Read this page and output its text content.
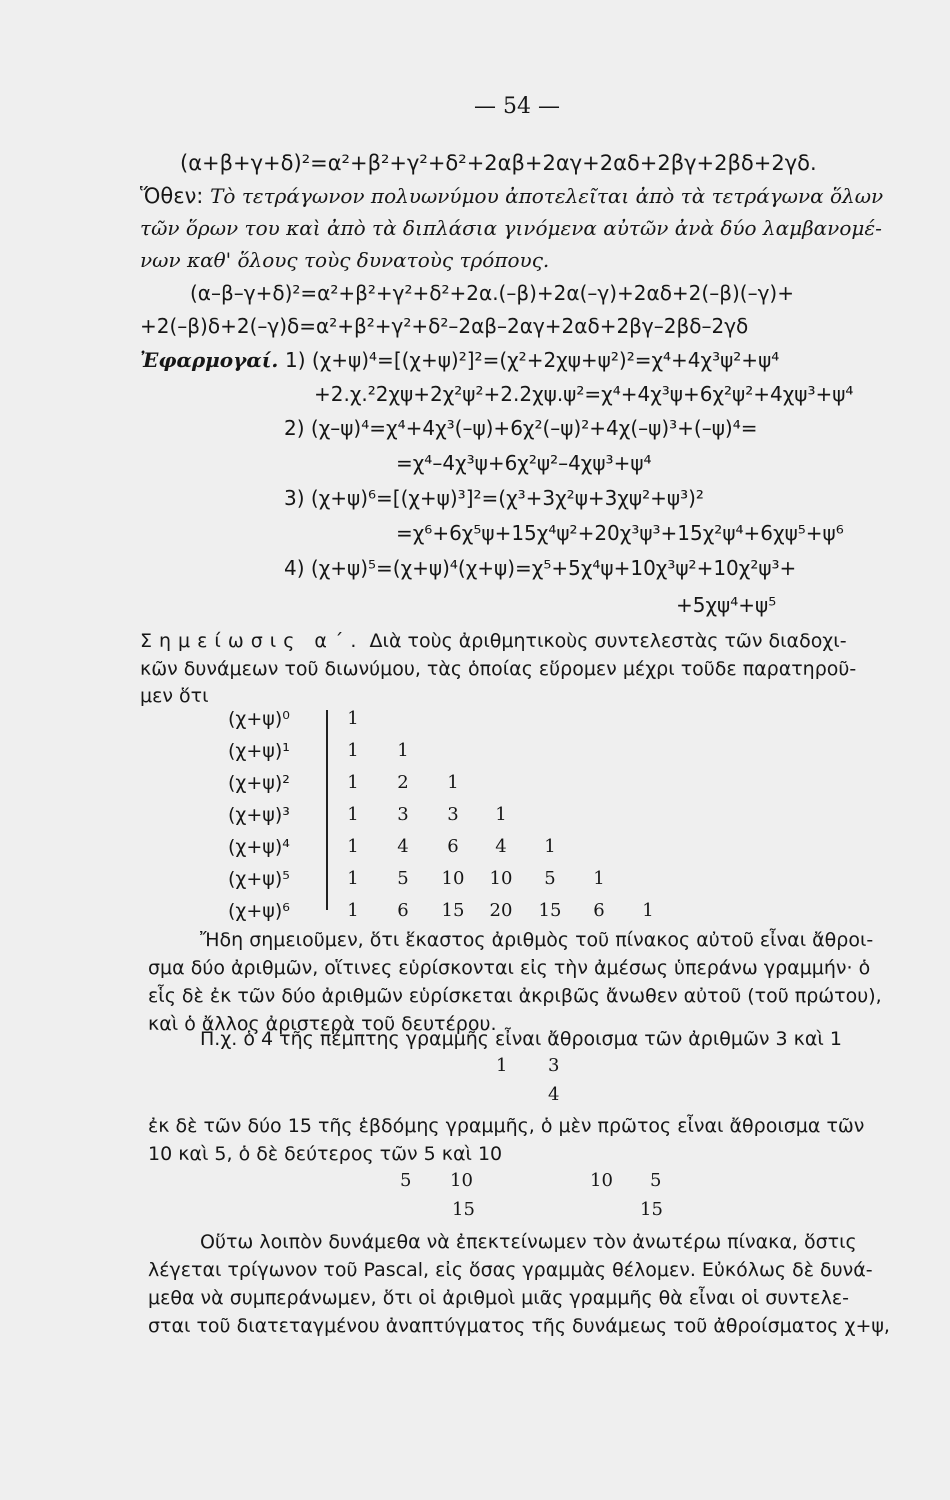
— 54 —
(α+β+γ+δ)²=α²+β²+γ²+δ²+2αβ+2αγ+2αδ+2βγ+2βδ+2γδ.
Ὅθεν: Τὸ τετράγωνον πολυωνύμου ἀποτελεῖται ἀπὸ τὰ τετράγωνα ὅλων
τῶν ὅρων του καὶ ἀπὸ τὰ διπλάσια γινόμενα αὐτῶν ἀνὰ δύο λαμβανομέ-
νων καθ' ὅλους τοὺς δυνατοὺς τρόπους.
(α–β–γ+δ)²=α²+β²+γ²+δ²+2α.(–β)+2α(–γ)+2αδ+2(–β)(–γ)+
+2(–β)δ+2(–γ)δ=α²+β²+γ²+δ²–2αβ–2αγ+2αδ+2βγ–2βδ–2γδ
Ἐφαρμογαί. 1) (χ+ψ)⁴=[(χ+ψ)²]²=(χ²+2χψ+ψ²)²=χ⁴+4χ³ψ²+ψ⁴
+2.χ.²2χψ+2χ²ψ²+2.2χψ.ψ²=χ⁴+4χ³ψ+6χ²ψ²+4χψ³+ψ⁴
2) (χ–ψ)⁴=χ⁴+4χ³(–ψ)+6χ²(–ψ)²+4χ(–ψ)³+(–ψ)⁴=
=χ⁴–4χ³ψ+6χ²ψ²–4χψ³+ψ⁴
3) (χ+ψ)⁶=[(χ+ψ)³]²=(χ³+3χ²ψ+3χψ²+ψ³)²
=χ⁶+6χ⁵ψ+15χ⁴ψ²+20χ³ψ³+15χ²ψ⁴+6χψ⁵+ψ⁶
4) (χ+ψ)⁵=(χ+ψ)⁴(χ+ψ)=χ⁵+5χ⁴ψ+10χ³ψ²+10χ²ψ³+
+5χψ⁴+ψ⁵
Σημείωσις α΄. Διὰ τοὺς ἀριθμητικοὺς συντελεστὰς τῶν διαδοχι-
κῶν δυνάμεων τοῦ διωνύμου, τὰς ὁποίας εὕρομεν μέχρι τοῦδε παρατηροῦ-
μεν ὅτι
(χ+ψ)⁰	1
(χ+ψ)¹	1	1
(χ+ψ)²	1	2	1
(χ+ψ)³	1	3	3	1
(χ+ψ)⁴	1	4	6	4	1
(χ+ψ)⁵	1	5	10 10	5	1
(χ+ψ)⁶	1	6	15 20 15	6	1
Ἤδη σημειοῦμεν, ὅτι ἕκαστος ἀριθμὸς τοῦ πίνακος αὐτοῦ εἶναι ἄθροι-
σμα δύο ἀριθμῶν, οἵτινες εὑρίσκονται εἰς τὴν ἀμέσως ὑπεράνω γραμμήν· ὁ
εἷς δὲ ἐκ τῶν δύο ἀριθμῶν εὑρίσκεται ἀκριβῶς ἄνωθεν αὐτοῦ (τοῦ πρώτου),
καὶ ὁ ἄλλος ἀριστερὰ τοῦ δευτέρου.
Π.χ. ὁ 4 τῆς πέμπτης γραμμῆς εἶναι ἄθροισμα τῶν ἀριθμῶν 3 καὶ 1
1 3
4
ἐκ δὲ τῶν δύο 15 τῆς ἑβδόμης γραμμῆς, ὁ μὲν πρῶτος εἶναι ἄθροισμα τῶν
10 καὶ 5, ὁ δὲ δεύτερος τῶν 5 καὶ 10
5 10	10 5
15	15
Οὕτω λοιπὸν δυνάμεθα νὰ ἐπεκτείνωμεν τὸν ἀνωτέρω πίνακα, ὅστις
λέγεται τρίγωνον τοῦ Pascal, εἰς ὅσας γραμμὰς θέλομεν. Εὐκόλως δὲ δυνά-
μεθα νὰ συμπεράνωμεν, ὅτι οἱ ἀριθμοὶ μιᾶς γραμμῆς θὰ εἶναι οἱ συντελε-
σται τοῦ διατεταγμένου ἀναπτύγματος τῆς δυνάμεως τοῦ ἀθροίσματος χ+ψ,
